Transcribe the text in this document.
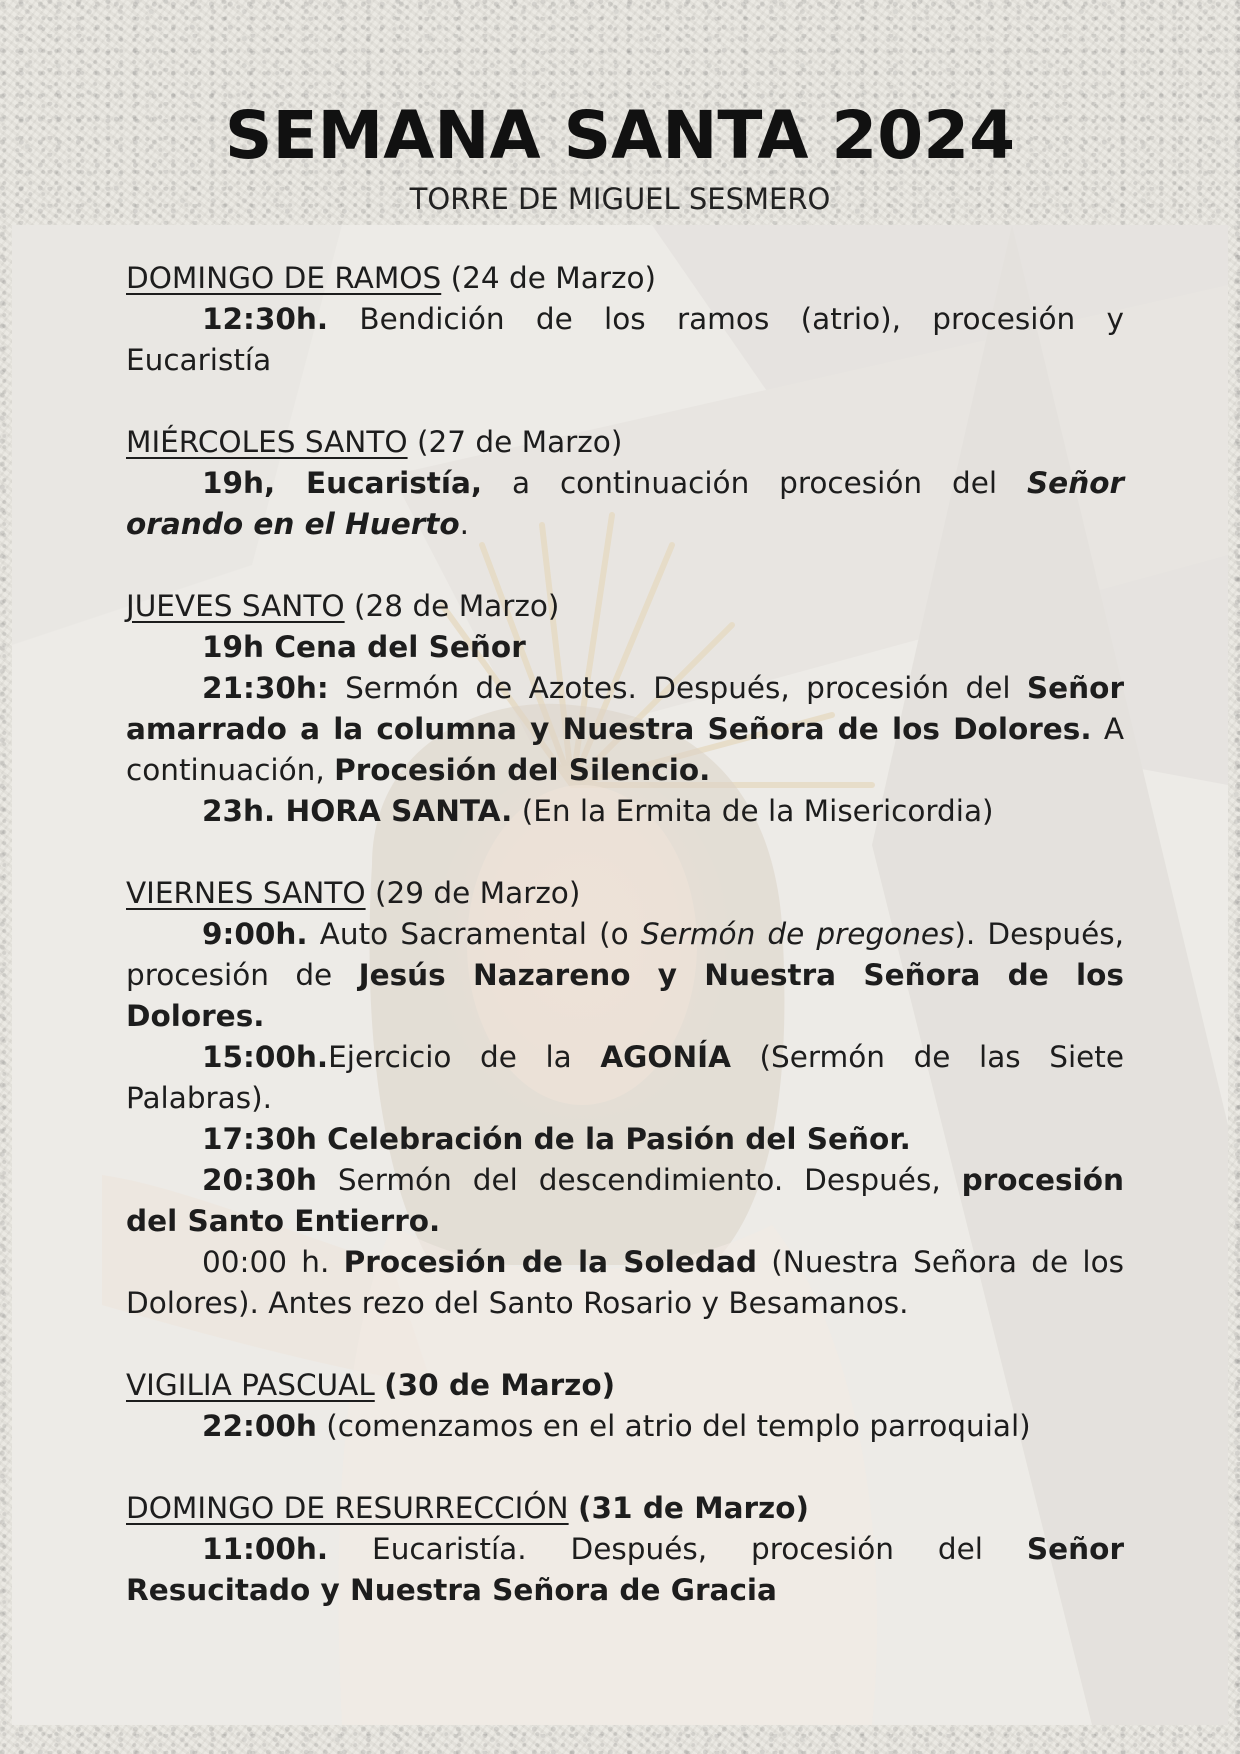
SEMANA SANTA 2024
TORRE DE MIGUEL SESMERO

DOMINGO DE RAMOS (24 de Marzo)

12:30h. Bendición de los ramos (atrio), procesión y Eucaristía

MIÉRCOLES SANTO (27 de Marzo)

19h, Eucaristía, a continuación procesión del Señor orando en el Huerto.

JUEVES SANTO (28 de Marzo)

19h Cena del Señor

21:30h: Sermón de Azotes. Después, procesión del Señor amarrado a la columna y Nuestra Señora de los Dolores. A continuación, Procesión del Silencio.

23h. HORA SANTA. (En la Ermita de la Misericordia)

VIERNES SANTO (29 de Marzo)

9:00h. Auto Sacramental (o Sermón de pregones). Después, procesión de Jesús Nazareno y Nuestra Señora de los Dolores.

15:00h.Ejercicio de la AGONÍA (Sermón de las Siete Palabras).

17:30h Celebración de la Pasión del Señor.

20:30h Sermón del descendimiento. Después, procesión del Santo Entierro.

00:00 h. Procesión de la Soledad (Nuestra Señora de los Dolores). Antes rezo del Santo Rosario y Besamanos.

VIGILIA PASCUAL (30 de Marzo)

22:00h (comenzamos en el atrio del templo parroquial)

DOMINGO DE RESURRECCIÓN (31 de Marzo)

11:00h. Eucaristía. Después, procesión del Señor Resucitado y Nuestra Señora de Gracia
